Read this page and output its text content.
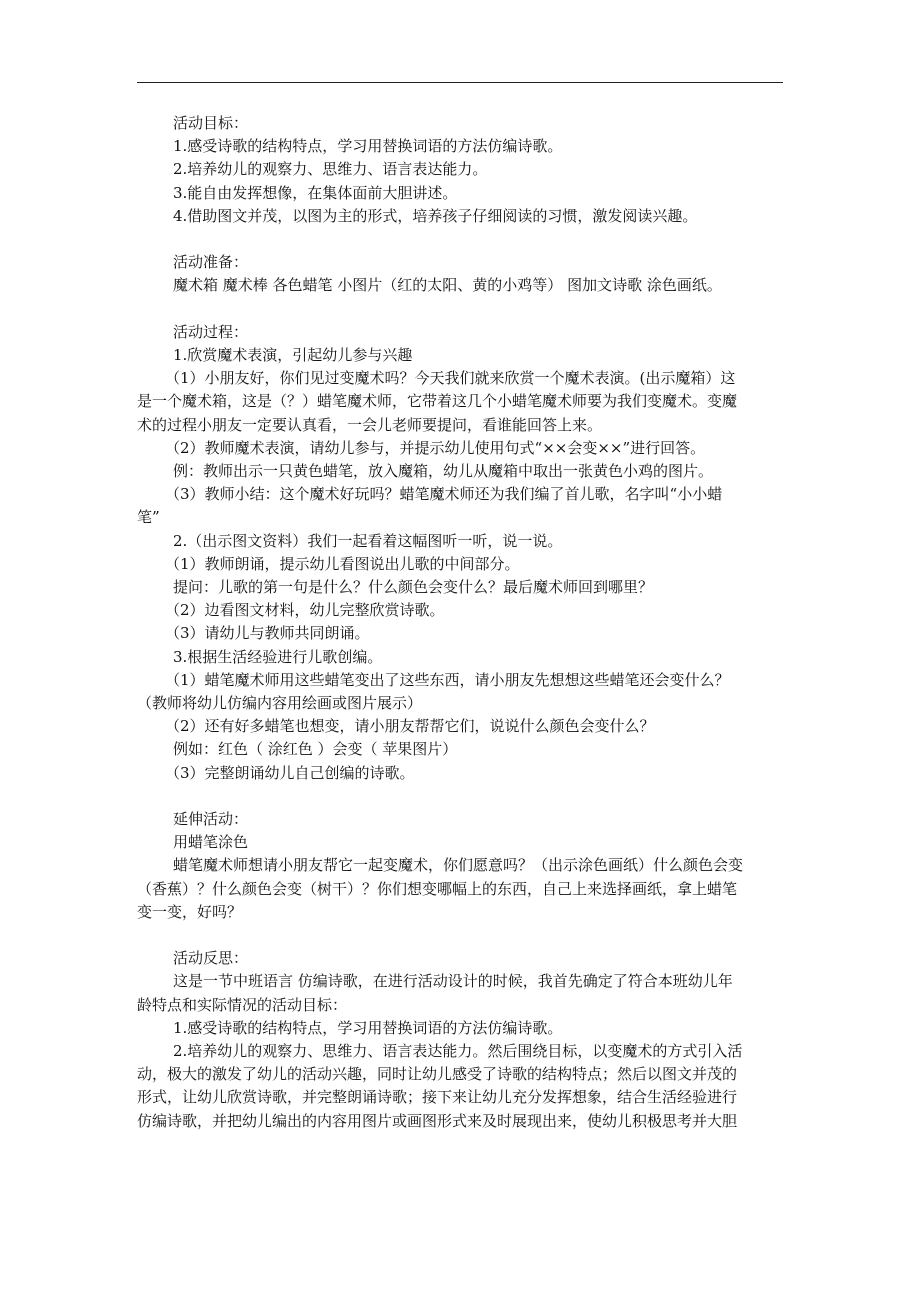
活动目标：
1.感受诗歌的结构特点，学习用替换词语的方法仿编诗歌。
2.培养幼儿的观察力、思维力、语言表达能力。
3.能自由发挥想像，在集体面前大胆讲述。
4.借助图文并茂，以图为主的形式，培养孩子仔细阅读的习惯，激发阅读兴趣。
活动准备：
魔术箱 魔术棒 各色蜡笔 小图片（红的太阳、黄的小鸡等） 图加文诗歌 涂色画纸。
活动过程：
1.欣赏魔术表演，引起幼儿参与兴趣
（1）小朋友好，你们见过变魔术吗？今天我们就来欣赏一个魔术表演。(出示魔箱）这
是一个魔术箱，这是（？）蜡笔魔术师，它带着这几个小蜡笔魔术师要为我们变魔术。变魔
术的过程小朋友一定要认真看，一会儿老师要提问，看谁能回答上来。
（2）教师魔术表演，请幼儿参与，并提示幼儿使用句式“××会变××”进行回答。
例：教师出示一只黄色蜡笔，放入魔箱，幼儿从魔箱中取出一张黄色小鸡的图片。
（3）教师小结：这个魔术好玩吗？蜡笔魔术师还为我们编了首儿歌，名字叫“小小蜡
笔”
2.（出示图文资料）我们一起看着这幅图听一听，说一说。
（1）教师朗诵，提示幼儿看图说出儿歌的中间部分。
提问：儿歌的第一句是什么？什么颜色会变什么？最后魔术师回到哪里？
（2）边看图文材料，幼儿完整欣赏诗歌。
（3）请幼儿与教师共同朗诵。
3.根据生活经验进行儿歌创编。
（1）蜡笔魔术师用这些蜡笔变出了这些东西，请小朋友先想想这些蜡笔还会变什么？
（教师将幼儿仿编内容用绘画或图片展示）
（2）还有好多蜡笔也想变，请小朋友帮帮它们，说说什么颜色会变什么？
例如：红色（ 涂红色 ）会变（ 苹果图片）
（3）完整朗诵幼儿自己创编的诗歌。
延伸活动：
用蜡笔涂色
蜡笔魔术师想请小朋友帮它一起变魔术，你们愿意吗？（出示涂色画纸）什么颜色会变
（香蕉）？什么颜色会变（树干）？你们想变哪幅上的东西，自己上来选择画纸，拿上蜡笔
变一变，好吗？
活动反思：
这是一节中班语言 仿编诗歌，在进行活动设计的时候，我首先确定了符合本班幼儿年
龄特点和实际情况的活动目标：
1.感受诗歌的结构特点，学习用替换词语的方法仿编诗歌。
2.培养幼儿的观察力、思维力、语言表达能力。然后围绕目标，以变魔术的方式引入活
动，极大的激发了幼儿的活动兴趣，同时让幼儿感受了诗歌的结构特点；然后以图文并茂的
形式，让幼儿欣赏诗歌，并完整朗诵诗歌；接下来让幼儿充分发挥想象，结合生活经验进行
仿编诗歌，并把幼儿编出的内容用图片或画图形式来及时展现出来，使幼儿积极思考并大胆
